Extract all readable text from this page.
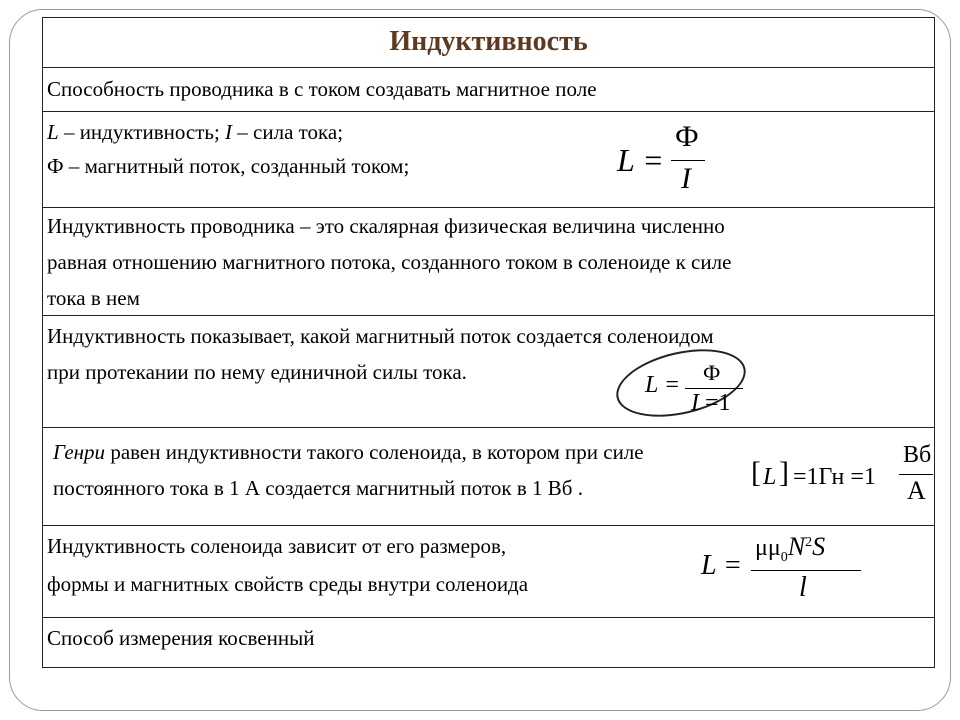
Индуктивность
Способность проводника в с током создавать магнитное поле
L – индуктивность; I – сила тока;
Ф – магнитный поток, созданный током;	L =
Ф
I
Индуктивность проводника – это скалярная физическая величина численно
равная отношению магнитного потока, созданного током в соленоиде к силе
тока в нем
Индуктивность показывает, какой магнитный поток создается соленоидом
при протекании по нему единичной силы тока.	L = Ф
I =1
Генри равен индуктивности такого соленоида, в котором при силе
постоянного тока в 1 А создается магнитный поток в 1 Вб .	[ L ] =1Гн =1
Вб
А
Индуктивность соленоида зависит от его размеров,
формы и магнитных свойств среды внутри соленоида
L =
$\mu\mu_0N^2S$
l
Способ измерения косвенный
